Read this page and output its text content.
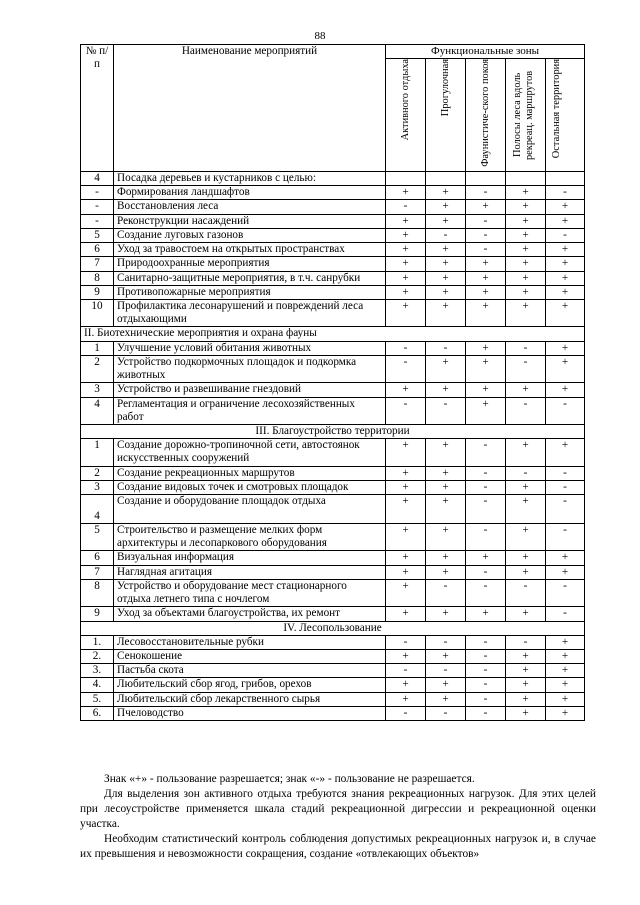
88
№ п/п	Наименование мероприятий	Функциональные зоны				
		Активного отдыха	Прогулочная	Фаунистиче-ского покоя	Полосы леса вдоль рекреац. маршрутов	Остальная территория
4	Посадка деревьев и кустарников с целью:					
-	Формирования ландшафтов	+	+	-	+	-
-	Восстановления леса	-	+	+	+	+
-	Реконструкции насаждений	+	+	-	+	+
5	Создание луговых газонов	+	-	-	+	-
6	Уход за травостоем на открытых пространствах	+	+	-	+	+
7	Природоохранные мероприятия	+	+	+	+	+
8	Санитарно-защитные мероприятия, в т.ч. санрубки	+	+	+	+	+
9	Противопожарные мероприятия	+	+	+	+	+
10	Профилактика лесонарушений и повреждений леса отдыхающими	+	+	+	+	+
II. Биотехнические мероприятия и охрана фауны						
1	Улучшение условий обитания животных	-	-	+	-	+
2	Устройство подкормочных площадок и подкормка животных	-	+	+	-	+
3	Устройство и развешивание гнездовий	+	+	+	+	+
4	Регламентация и ограничение лесохозяйственных работ	-	-	+	-	-
III. Благоустройство территории						
1	Создание дорожно-тропиночной сети, автостоянок искусственных сооружений	+	+	-	+	+
2	Создание рекреационных маршрутов	+	+	-	-	-
3	Создание видовых точек и смотровых площадок	+	+	-	+	-
4	Создание и оборудование площадок отдыха	+	+	-	+	-
5	Строительство и размещение мелких форм архитектуры и лесопаркового оборудования	+	+	-	+	-
6	Визуальная информация	+	+	+	+	+
7	Наглядная агитация	+	+	-	+	+
8	Устройство и оборудование мест стационарного отдыха летнего типа с ночлегом	+	-	-	-	-
9	Уход за объектами благоустройства, их ремонт	+	+	+	+	-
IV. Лесопользование						
1.	Лесовосстановительные рубки	-	-	-	-	+
2.	Сенокошение	+	+	-	+	+
3.	Пастьба скота	-	-	-	+	+
4.	Любительский сбор ягод, грибов, орехов	+	+	-	+	+
5.	Любительский сбор лекарственного сырья	+	+	-	+	+
6.	Пчеловодство	-	-	-	+	+

Знак «+» - пользование разрешается; знак «-» - пользование не разрешается.

Для выделения зон активного отдыха требуются знания рекреационных нагрузок. Для этих целей при лесоустройстве применяется шкала стадий рекреационной дигрессии и рекреационной оценки участка.

Необходим статистический контроль соблюдения допустимых рекреационных нагрузок и, в случае их превышения и невозможности сокращения, создание «отвлекающих объектов»
